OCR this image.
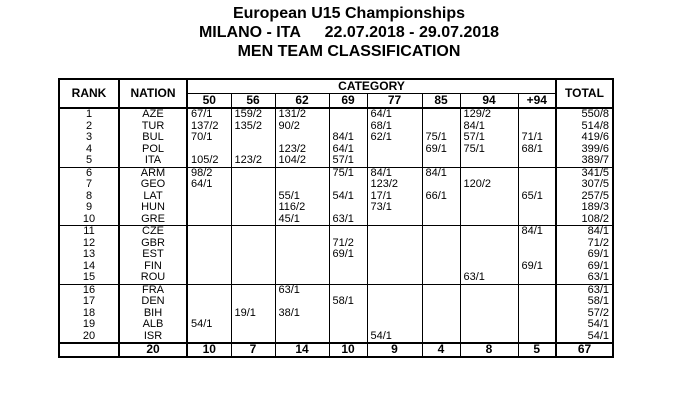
European U15 Championships
MILANO - ITA 22.07.2018 - 29.07.2018
MEN TEAM CLASSIFICATION
RANK	NATION	CATEGORY								TOTAL
		50	56	62	69	77	85	94	+94	
1	AZE	67/1	159/2	131/2		64/1		129/2		550/8
2	TUR	137/2	135/2	90/2		68/1		84/1		514/8
3	BUL	70/1			84/1	62/1	75/1	57/1	71/1	419/6
4	POL			123/2	64/1		69/1	75/1	68/1	399/6
5	ITA	105/2	123/2	104/2	57/1					389/7
6	ARM	98/2			75/1	84/1	84/1			341/5
7	GEO	64/1				123/2		120/2		307/5
8	LAT			55/1	54/1	17/1	66/1		65/1	257/5
9	HUN			116/2		73/1				189/3
10	GRE			45/1	63/1					108/2
11	CZE								84/1	84/1
12	GBR				71/2					71/2
13	EST				69/1					69/1
14	FIN								69/1	69/1
15	ROU							63/1		63/1
16	FRA			63/1						63/1
17	DEN				58/1					58/1
18	BIH		19/1	38/1						57/2
19	ALB	54/1								54/1
20	ISR					54/1				54/1
	20	10	7	14	10	9	4	8	5	67
